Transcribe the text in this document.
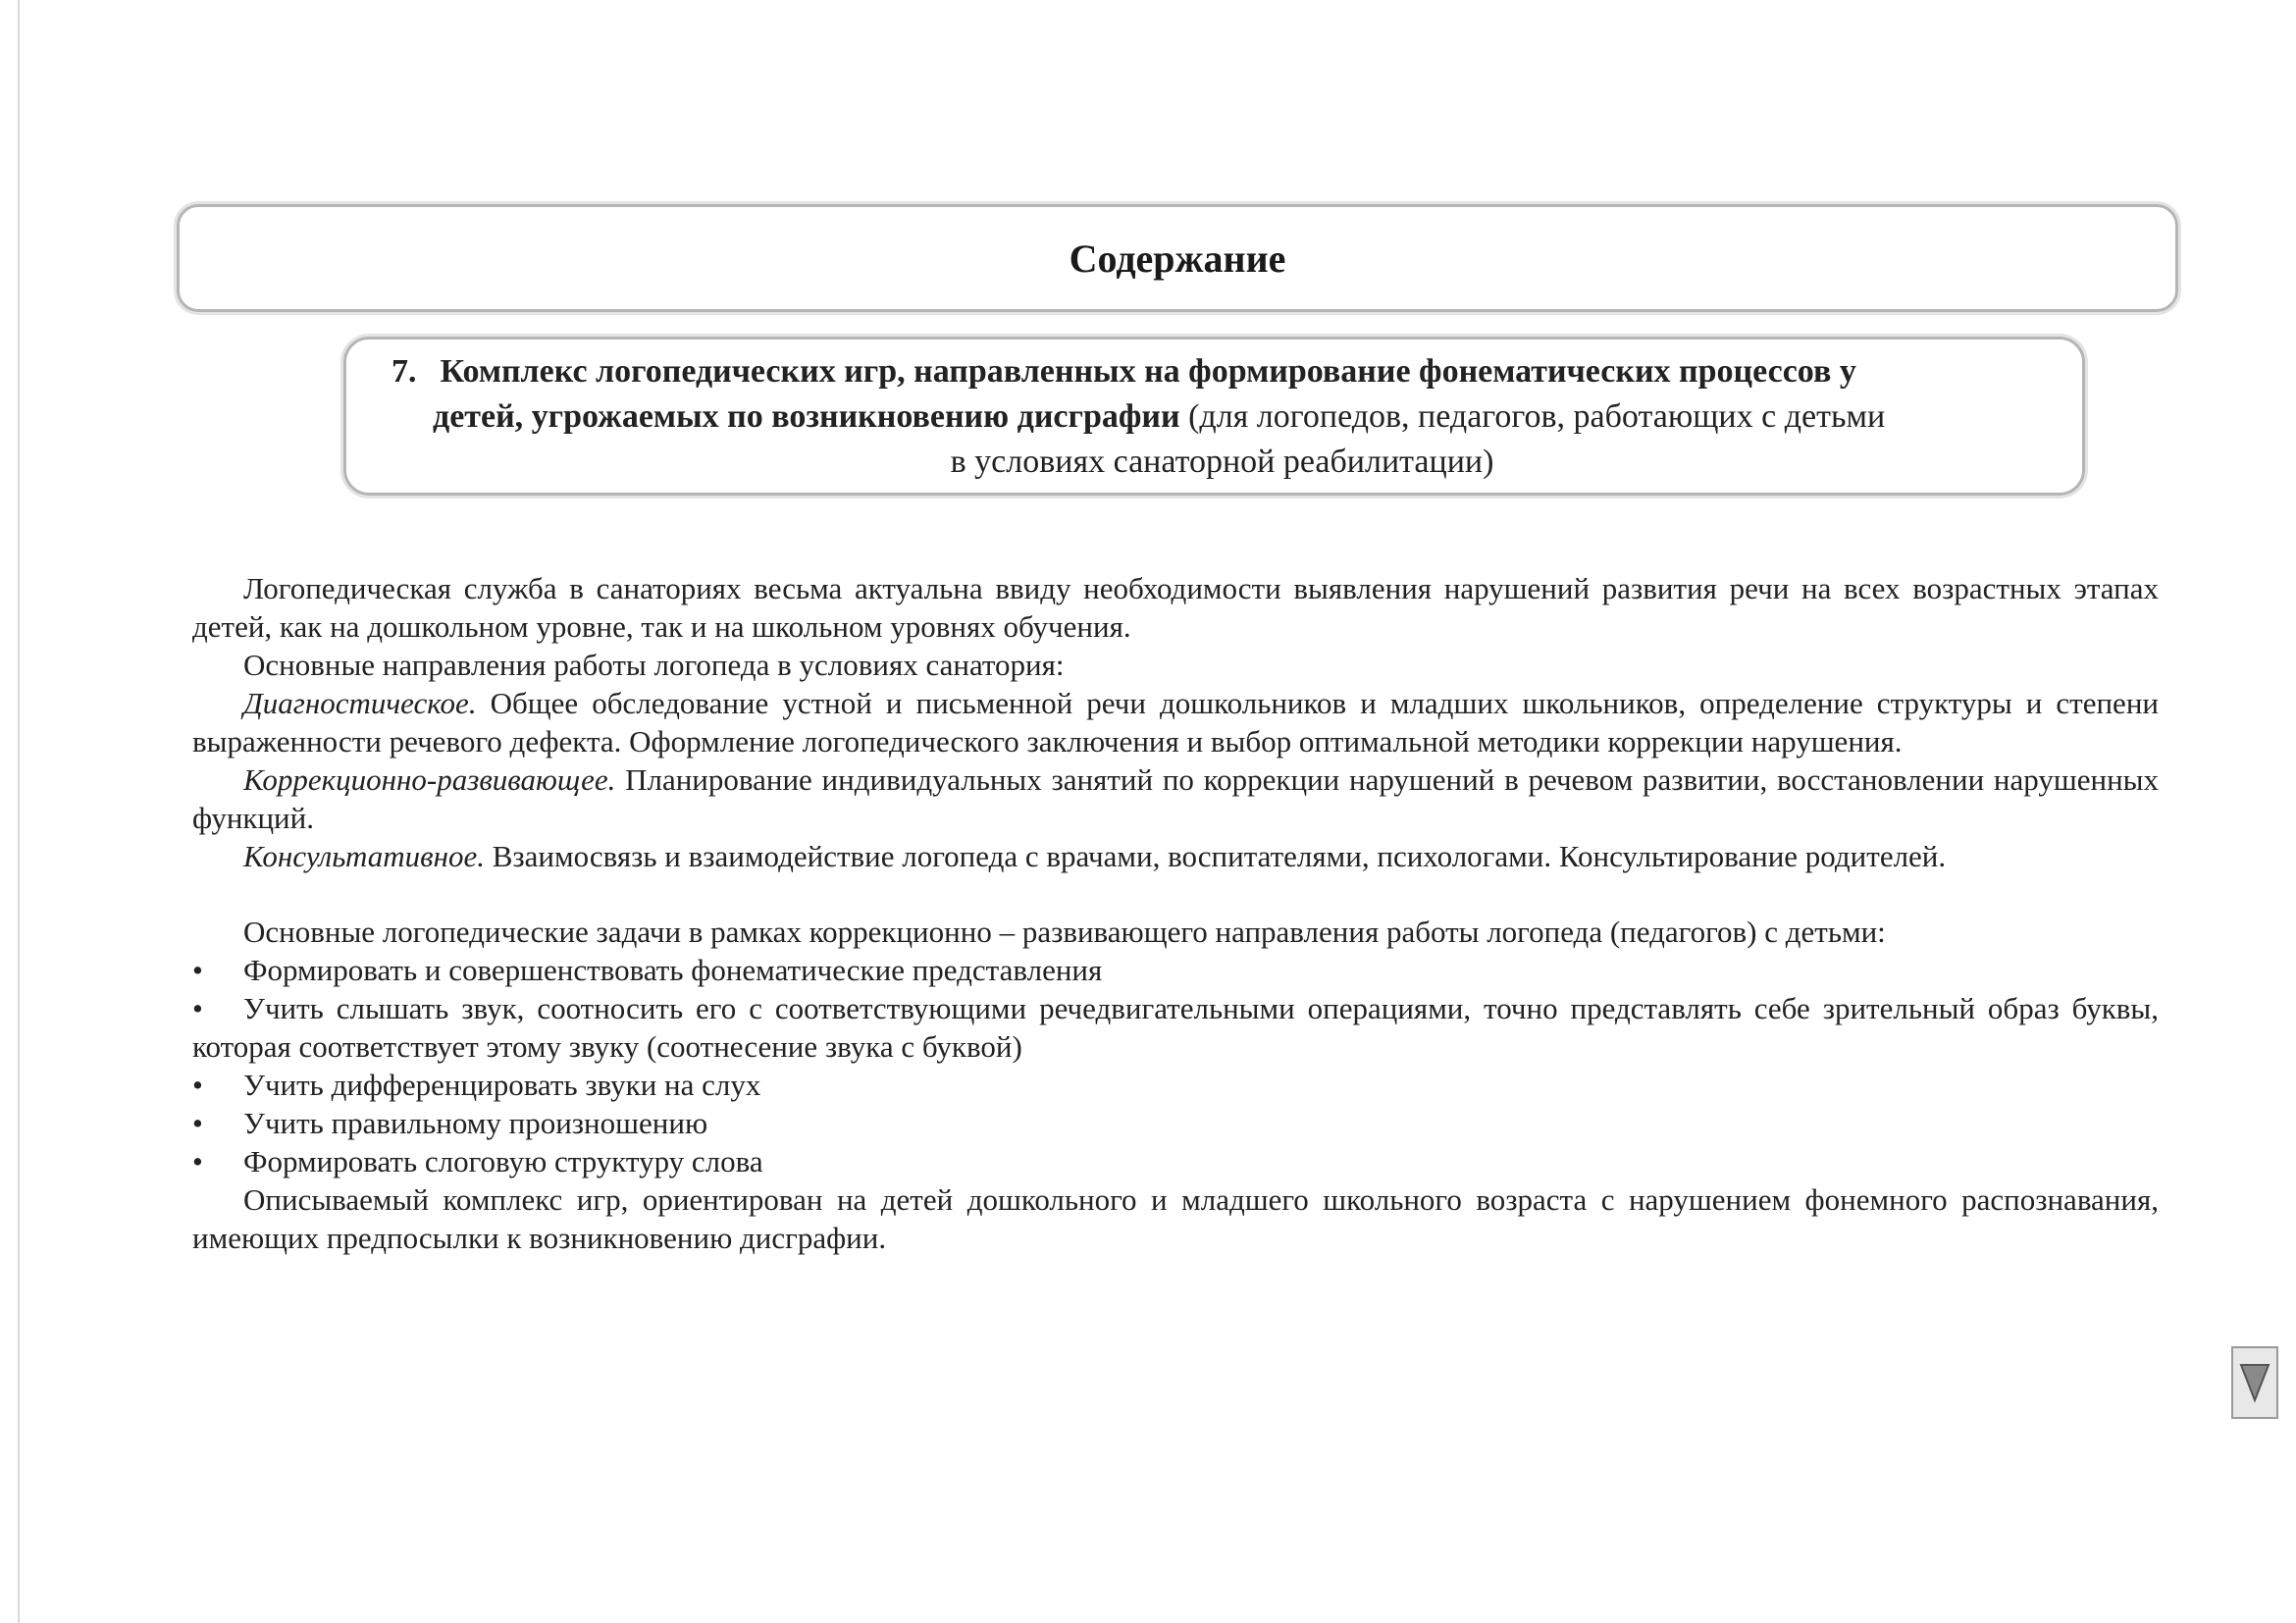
Содержание
7. Комплекс логопедических игр, направленных на формирование фонематических процессов у
детей, угрожаемых по возникновению дисграфии (для логопедов, педагогов, работающих с детьми
в условиях санаторной реабилитации)

Логопедическая служба в санаториях весьма актуальна ввиду необходимости выявления нарушений развития речи на всех возрастных этапах детей, как на дошкольном уровне, так и на школьном уровнях обучения.

Основные направления работы логопеда в условиях санатория:

Диагностическое. Общее обследование устной и письменной речи дошкольников и младших школьников, определение структуры и степени выраженности речевого дефекта. Оформление логопедического заключения и выбор оптимальной методики коррекции нарушения.

Коррекционно-развивающее. Планирование индивидуальных занятий по коррекции нарушений в речевом развитии, восстановлении нарушенных функций.

Консультативное. Взаимосвязь и взаимодействие логопеда с врачами, воспитателями, психологами. Консультирование родителей.

Основные логопедические задачи в рамках коррекционно – развивающего направления работы логопеда (педагогов) с детьми:

• Формировать и совершенствовать фонематические представления

• Учить слышать звук, соотносить его с соответствующими речедвигательными операциями, точно представлять себе зрительный образ буквы, которая соответствует этому звуку (соотнесение звука с буквой)

• Учить дифференцировать звуки на слух

• Учить правильному произношению

• Формировать слоговую структуру слова

Описываемый комплекс игр, ориентирован на детей дошкольного и младшего школьного возраста с нарушением фонемного распознавания, имеющих предпосылки к возникновению дисграфии.
